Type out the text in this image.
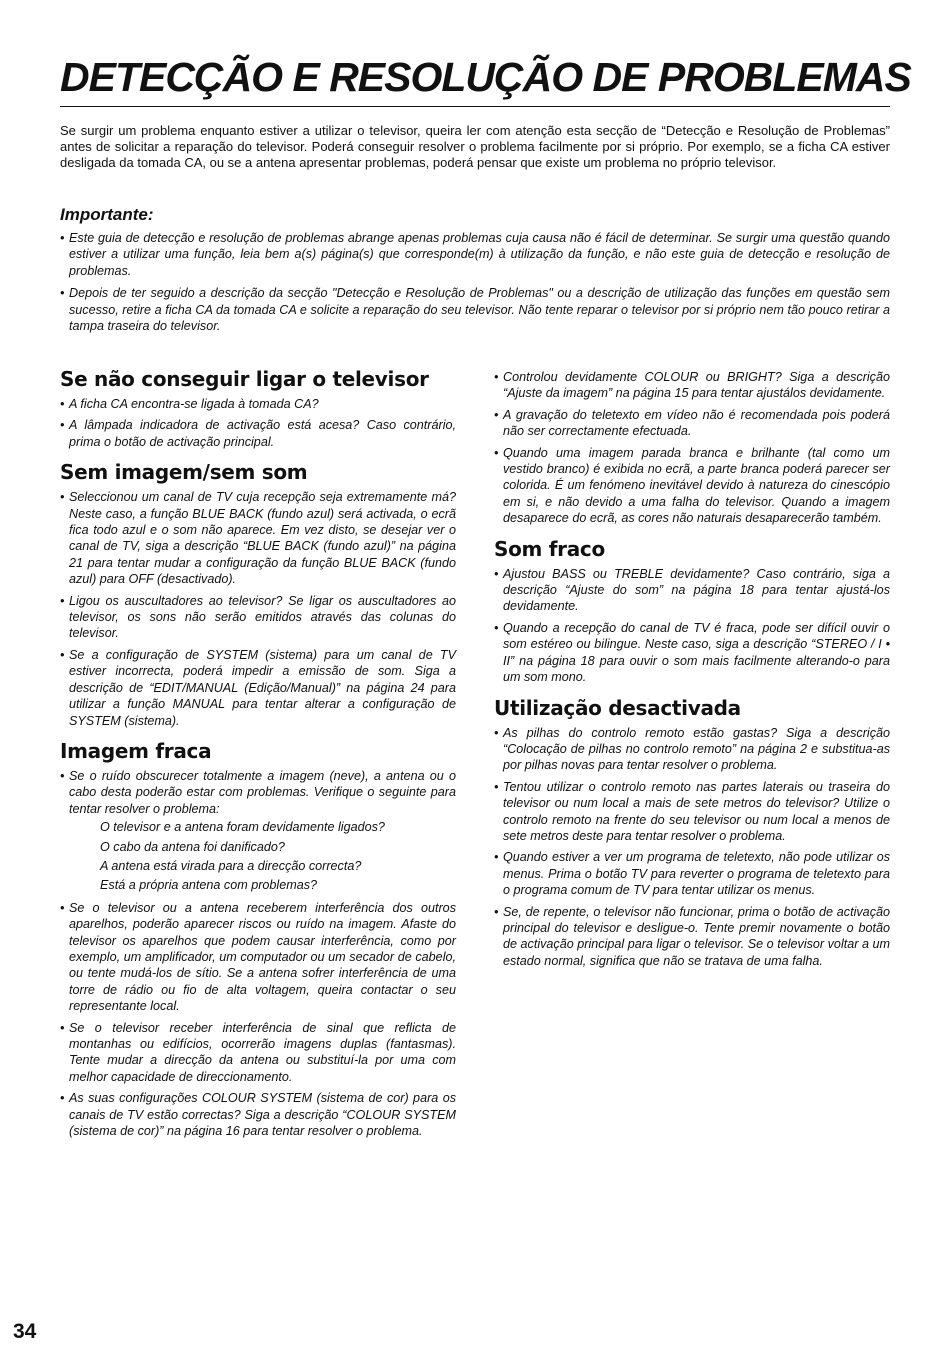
DETECÇÃO E RESOLUÇÃO DE PROBLEMAS

Se surgir um problema enquanto estiver a utilizar o televisor, queira ler com atenção esta secção de “Detecção e Resolução de Problemas” antes de solicitar a reparação do televisor. Poderá conseguir resolver o problema facilmente por si próprio. Por exemplo, se a ficha CA estiver desligada da tomada CA, ou se a antena apresentar problemas, poderá pensar que existe um problema no próprio televisor.

Importante:
• Este guia de detecção e resolução de problemas abrange apenas problemas cuja causa não é fácil de determinar. Se surgir uma questão quando estiver a utilizar uma função, leia bem a(s) página(s) que corresponde(m) à utilização da função, e não este guia de detecção e resolução de problemas.
• Depois de ter seguido a descrição da secção "Detecção e Resolução de Problemas" ou a descrição de utilização das funções em questão sem sucesso, retire a ficha CA da tomada CA e solicite a reparação do seu televisor. Não tente reparar o televisor por si próprio nem tão pouco retirar a tampa traseira do televisor.
Se não conseguir ligar o televisor
• A ficha CA encontra-se ligada à tomada CA?
• A lâmpada indicadora de activação está acesa? Caso contrário, prima o botão de activação principal.
Sem imagem/sem som
• Seleccionou um canal de TV cuja recepção seja extremamente má? Neste caso, a função BLUE BACK (fundo azul) será activada, o ecrã fica todo azul e o som não aparece. Em vez disto, se desejar ver o canal de TV, siga a descrição “BLUE BACK (fundo azul)” na página 21 para tentar mudar a configuração da função BLUE BACK (fundo azul) para OFF (desactivado).
• Ligou os auscultadores ao televisor? Se ligar os auscultadores ao televisor, os sons não serão emitidos através das colunas do televisor.
• Se a configuração de SYSTEM (sistema) para um canal de TV estiver incorrecta, poderá impedir a emissão de som. Siga a descrição de “EDIT/MANUAL (Edição/Manual)” na página 24 para utilizar a função MANUAL para tentar alterar a configuração de SYSTEM (sistema).
Imagem fraca
• Se o ruído obscurecer totalmente a imagem (neve), a antena ou o cabo desta poderão estar com problemas. Verifique o seguinte para tentar resolver o problema:
O televisor e a antena foram devidamente ligados?
O cabo da antena foi danificado?
A antena está virada para a direcção correcta?
Está a própria antena com problemas?
• Se o televisor ou a antena receberem interferência dos outros aparelhos, poderão aparecer riscos ou ruído na imagem. Afaste do televisor os aparelhos que podem causar interferência, como por exemplo, um amplificador, um computador ou um secador de cabelo, ou tente mudá-los de sítio. Se a antena sofrer interferência de uma torre de rádio ou fio de alta voltagem, queira contactar o seu representante local.
• Se o televisor receber interferência de sinal que reflicta de montanhas ou edifícios, ocorrerão imagens duplas (fantasmas). Tente mudar a direcção da antena ou substituí-la por uma com melhor capacidade de direccionamento.
• As suas configurações COLOUR SYSTEM (sistema de cor) para os canais de TV estão correctas? Siga a descrição “COLOUR SYSTEM (sistema de cor)” na página 16 para tentar resolver o problema.
• Controlou devidamente COLOUR ou BRIGHT? Siga a descrição “Ajuste da imagem” na página 15 para tentar ajustálos devidamente.
• A gravação do teletexto em vídeo não é recomendada pois poderá não ser correctamente efectuada.
• Quando uma imagem parada branca e brilhante (tal como um vestido branco) é exibida no ecrã, a parte branca poderá parecer ser colorida. É um fenómeno inevitável devido à natureza do cinescópio em si, e não devido a uma falha do televisor. Quando a imagem desaparece do ecrã, as cores não naturais desaparecerão também.
Som fraco
• Ajustou BASS ou TREBLE devidamente? Caso contrário, siga a descrição “Ajuste do som” na página 18 para tentar ajustá-los devidamente.
• Quando a recepção do canal de TV é fraca, pode ser difícil ouvir o som estéreo ou bilingue. Neste caso, siga a descrição “STEREO / I • II” na página 18 para ouvir o som mais facilmente alterando-o para um som mono.
Utilização desactivada
• As pilhas do controlo remoto estão gastas? Siga a descrição “Colocação de pilhas no controlo remoto” na página 2 e substitua-as por pilhas novas para tentar resolver o problema.
• Tentou utilizar o controlo remoto nas partes laterais ou traseira do televisor ou num local a mais de sete metros do televisor? Utilize o controlo remoto na frente do seu televisor ou num local a menos de sete metros deste para tentar resolver o problema.
• Quando estiver a ver um programa de teletexto, não pode utilizar os menus. Prima o botão TV para reverter o programa de teletexto para o programa comum de TV para tentar utilizar os menus.
• Se, de repente, o televisor não funcionar, prima o botão de activação principal do televisor e desligue-o. Tente premir novamente o botão de activação principal para ligar o televisor. Se o televisor voltar a um estado normal, significa que não se tratava de uma falha.

34
